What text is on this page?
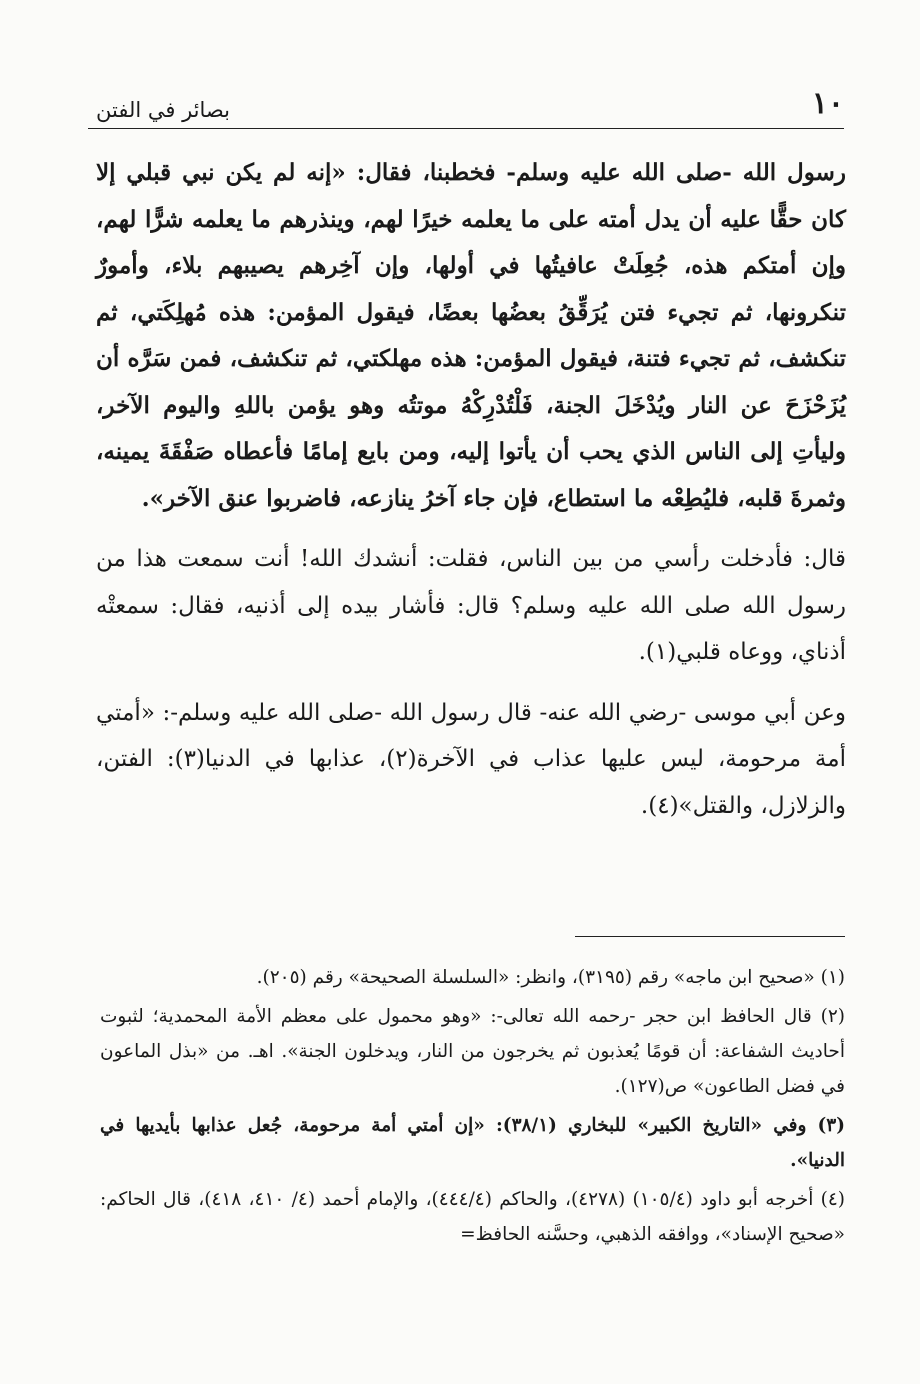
١٠
بصائر في الفتن

رسول الله -صلى الله عليه وسلم- فخطبنا، فقال: «إنه لم يكن نبي قبلي إلا كان حقًّا عليه أن يدل أمته على ما يعلمه خيرًا لهم، وينذرهم ما يعلمه شرًّا لهم، وإن أمتكم هذه، جُعِلَتْ عافيتُها في أولها، وإن آخِرهم يصيبهم بلاء، وأمورٌ تنكرونها، ثم تجيء فتن يُرَقِّقُ بعضُها بعضًا، فيقول المؤمن: هذه مُهلِكَتي، ثم تنكشف، ثم تجيء فتنة، فيقول المؤمن: هذه مهلكتي، ثم تنكشف، فمن سَرَّه أن يُزَحْزَحَ عن النار ويُدْخَلَ الجنة، فَلْتُدْرِكْهُ موتتُه وهو يؤمن باللهِ واليوم الآخر، وليأتِ إلى الناس الذي يحب أن يأتوا إليه، ومن بايع إمامًا فأعطاه صَفْقَةَ يمينه، وثمرةَ قلبه، فليُطِعْه ما استطاع، فإن جاء آخرُ ينازعه، فاضربوا عنق الآخر».

قال: فأدخلت رأسي من بين الناس، فقلت: أنشدك الله! أنت سمعت هذا من رسول الله صلى الله عليه وسلم؟ قال: فأشار بيده إلى أذنيه، فقال: سمعتْه أذناي، ووعاه قلبي(١).

وعن أبي موسى -رضي الله عنه- قال رسول الله -صلى الله عليه وسلم-: «أمتي أمة مرحومة، ليس عليها عذاب في الآخرة(٢)، عذابها في الدنيا(٣): الفتن، والزلازل، والقتل»(٤).

(١) «صحيح ابن ماجه» رقم (٣١٩٥)، وانظر: «السلسلة الصحيحة» رقم (٢٠٥).

(٢) قال الحافظ ابن حجر -رحمه الله تعالى-: «وهو محمول على معظم الأمة المحمدية؛ لثبوت أحاديث الشفاعة: أن قومًا يُعذبون ثم يخرجون من النار، ويدخلون الجنة». اهـ. من «بذل الماعون في فضل الطاعون» ص(١٢٧).

(٣) وفي «التاريخ الكبير» للبخاري (٣٨/١): «إن أمتي أمة مرحومة، جُعل عذابها بأيديها في الدنيا».

(٤) أخرجه أبو داود (١٠٥/٤) (٤٢٧٨)، والحاكم (٤٤٤/٤)، والإمام أحمد (٤/ ٤١٠، ٤١٨)، قال الحاكم: «صحيح الإسناد»، ووافقه الذهبي، وحسَّنه الحافظ=
